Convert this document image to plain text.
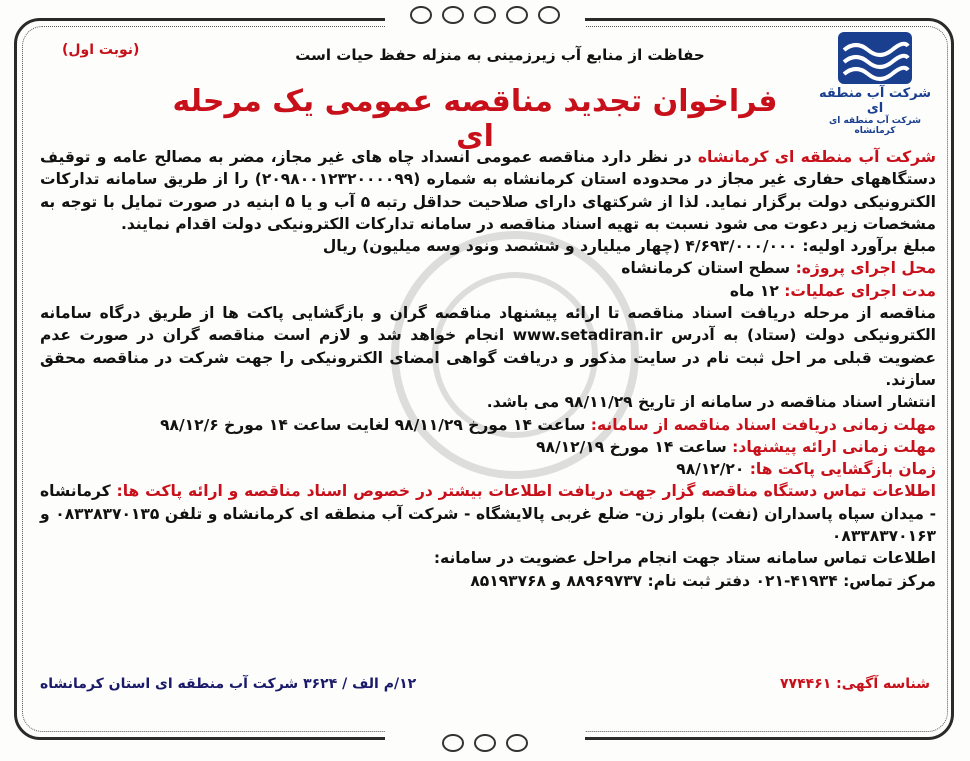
شرکت آب منطقه ای
شرکت آب منطقه ای کرمانشاه
(نوبت اول)	حفاظت از منابع آب زیرزمینی به منزله حفظ حیات است
فراخوان تجدید مناقصه عمومی یک مرحله ای

شرکت آب منطقه ای کرمانشاه در نظر دارد مناقصه عمومی انسداد چاه های غیر مجاز، مضر به مصالح عامه و توقیف دستگاههای حفاری غیر مجاز در محدوده استان کرمانشاه به شماره (۲۰۹۸۰۰۱۲۳۲۰۰۰۰۹۹) را از طریق سامانه تدارکات الکترونیکی دولت برگزار نماید. لذا از شرکتهای دارای صلاحیت حداقل رتبه ۵ آب و یا ۵ ابنیه در صورت تمایل با توجه به مشخصات زیر دعوت می شود نسبت به تهیه اسناد مناقصه در سامانه تدارکات الکترونیکی دولت اقدام نمایند.

مبلغ برآورد اولیه: ۴/۶۹۳/۰۰۰/۰۰۰ (چهار میلیارد و ششصد ونود وسه میلیون) ریال

محل اجرای پروژه: سطح استان کرمانشاه

مدت اجرای عملیات: ۱۲ ماه

مناقصه از مرحله دریافت اسناد مناقصه تا ارائه پیشنهاد مناقصه گران و بازگشایی پاکت ها از طریق درگاه سامانه الکترونیکی دولت (ستاد) به آدرس www.setadiran.ir انجام خواهد شد و لازم است مناقصه گران در صورت عدم عضویت قبلی مر احل ثبت نام در سایت مذکور و دریافت گواهی امضای الکترونیکی را جهت شرکت در مناقصه محقق سازند.

انتشار اسناد مناقصه در سامانه از تاریخ ۹۸/۱۱/۲۹ می باشد.

مهلت زمانی دریافت اسناد مناقصه از سامانه: ساعت ۱۴ مورخ ۹۸/۱۱/۲۹ لغایت ساعت ۱۴ مورخ ۹۸/۱۲/۶

مهلت زمانی ارائه پیشنهاد: ساعت ۱۴ مورخ ۹۸/۱۲/۱۹

زمان بازگشایی پاکت ها: ۹۸/۱۲/۲۰

اطلاعات تماس دستگاه مناقصه گزار جهت دریافت اطلاعات بیشتر در خصوص اسناد مناقصه و ارائه پاکت ها: کرمانشاه - میدان سپاه پاسداران (نفت) بلوار زن- ضلع غربی پالایشگاه - شرکت آب منطقه ای کرمانشاه و تلفن ۰۸۳۳۸۳۷۰۱۳۵ و ۰۸۳۳۸۳۷۰۱۶۳

اطلاعات تماس سامانه ستاد جهت انجام مراحل عضویت در سامانه:

مرکز تماس: ۴۱۹۳۴-۰۲۱ دفتر ثبت نام: ۸۸۹۶۹۷۳۷ و ۸۵۱۹۳۷۶۸

شناسه آگهی: ۷۷۴۴۶۱
۱۲/م الف / ۳۶۲۴ شرکت آب منطقه ای استان کرمانشاه
